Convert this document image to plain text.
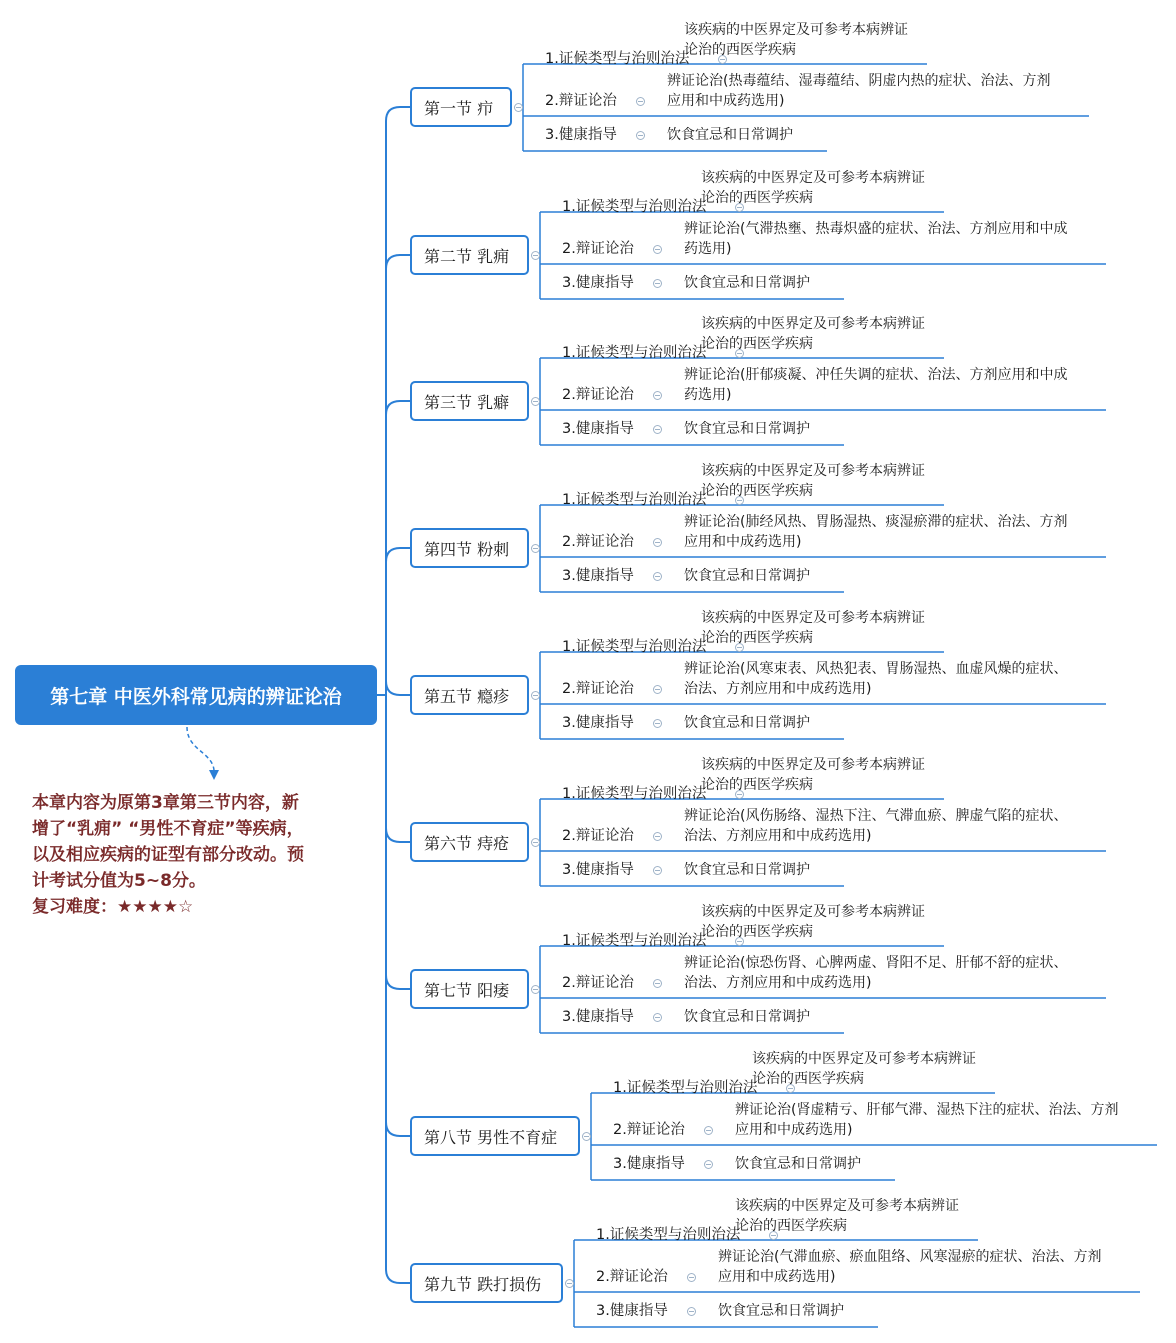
第七章 中医外科常见病的辨证论治
本章内容为原第3章第三节内容，新
增了“乳痈” “男性不育症”等疾病，
以及相应疾病的证型有部分改动。预
计考试分值为5~8分。
复习难度：★★★★☆
第一节 疖
1.证候类型与治则治法
该疾病的中医界定及可参考本病辨证
论治的西医学疾病
2.辩证论治
辨证论治(热毒蕴结、湿毒蕴结、阴虚内热的症状、治法、方剂
应用和中成药选用)
3.健康指导	饮食宜忌和日常调护
第二节 乳痈
1.证候类型与治则治法
该疾病的中医界定及可参考本病辨证
论治的西医学疾病
2.辩证论治
辨证论治(气滞热壅、热毒炽盛的症状、治法、方剂应用和中成
药选用)
3.健康指导	饮食宜忌和日常调护
第三节 乳癖
1.证候类型与治则治法
该疾病的中医界定及可参考本病辨证
论治的西医学疾病
2.辩证论治
辨证论治(肝郁痰凝、冲任失调的症状、治法、方剂应用和中成
药选用)
3.健康指导	饮食宜忌和日常调护
第四节 粉刺
1.证候类型与治则治法
该疾病的中医界定及可参考本病辨证
论治的西医学疾病
2.辩证论治
辨证论治(肺经风热、胃肠湿热、痰湿瘀滞的症状、治法、方剂
应用和中成药选用)
3.健康指导	饮食宜忌和日常调护
第五节 瘾疹
1.证候类型与治则治法
该疾病的中医界定及可参考本病辨证
论治的西医学疾病
2.辩证论治
辨证论治(风寒束表、风热犯表、胃肠湿热、血虚风燥的症状、
治法、方剂应用和中成药选用)
3.健康指导	饮食宜忌和日常调护
第六节 痔疮
1.证候类型与治则治法
该疾病的中医界定及可参考本病辨证
论治的西医学疾病
2.辩证论治
辨证论治(风伤肠络、湿热下注、气滞血瘀、脾虚气陷的症状、
治法、方剂应用和中成药选用)
3.健康指导	饮食宜忌和日常调护
第七节 阳痿
1.证候类型与治则治法
该疾病的中医界定及可参考本病辨证
论治的西医学疾病
2.辩证论治
辨证论治(惊恐伤肾、心脾两虚、肾阳不足、肝郁不舒的症状、
治法、方剂应用和中成药选用)
3.健康指导	饮食宜忌和日常调护
第八节 男性不育症
1.证候类型与治则治法
该疾病的中医界定及可参考本病辨证
论治的西医学疾病
2.辩证论治
辨证论治(肾虚精亏、肝郁气滞、湿热下注的症状、治法、方剂
应用和中成药选用)
3.健康指导	饮食宜忌和日常调护
第九节 跌打损伤
1.证候类型与治则治法
该疾病的中医界定及可参考本病辨证
论治的西医学疾病
2.辩证论治
辨证论治(气滞血瘀、瘀血阻络、风寒湿瘀的症状、治法、方剂
应用和中成药选用)
3.健康指导	饮食宜忌和日常调护
